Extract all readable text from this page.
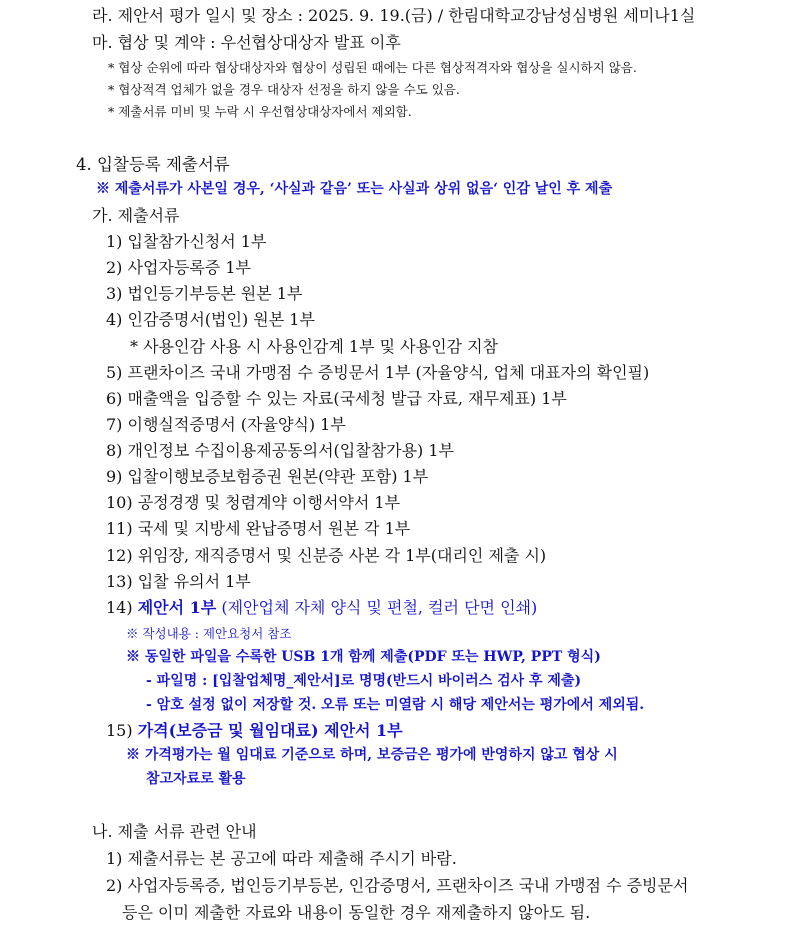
라. 제안서 평가 일시 및 장소 : 2025. 9. 19.(금) / 한림대학교강남성심병원 세미나1실
마. 협상 및 계약 : 우선협상대상자 발표 이후
* 협상 순위에 따라 협상대상자와 협상이 성립된 때에는 다른 협상적격자와 협상을 실시하지 않음.
* 협상적격 업체가 없을 경우 대상자 선정을 하지 않을 수도 있음.
* 제출서류 미비 및 누락 시 우선협상대상자에서 제외함.
4. 입찰등록 제출서류
※ 제출서류가 사본일 경우, ‘사실과 같음’ 또는 사실과 상위 없음‘ 인감 날인 후 제출
가. 제출서류
1) 입찰참가신청서 1부
2) 사업자등록증 1부
3) 법인등기부등본 원본 1부
4) 인감증명서(법인) 원본 1부
* 사용인감 사용 시 사용인감계 1부 및 사용인감 지참
5) 프랜차이즈 국내 가맹점 수 증빙문서 1부 (자율양식, 업체 대표자의 확인필)
6) 매출액을 입증할 수 있는 자료(국세청 발급 자료, 재무제표) 1부
7) 이행실적증명서 (자율양식) 1부
8) 개인정보 수집이용제공동의서(입찰참가용) 1부
9) 입찰이행보증보험증권 원본(약관 포함) 1부
10) 공정경쟁 및 청렴계약 이행서약서 1부
11) 국세 및 지방세 완납증명서 원본 각 1부
12) 위임장, 재직증명서 및 신분증 사본 각 1부(대리인 제출 시)
13) 입찰 유의서 1부
14) 제안서 1부 (제안업체 자체 양식 및 편철, 컬러 단면 인쇄)
※ 작성내용 : 제안요청서 참조
※ 동일한 파일을 수록한 USB 1개 함께 제출(PDF 또는 HWP, PPT 형식)
- 파일명 : [입찰업체명_제안서]로 명명(반드시 바이러스 검사 후 제출)
- 암호 설정 없이 저장할 것. 오류 또는 미열람 시 해당 제안서는 평가에서 제외됨.
15) 가격(보증금 및 월임대료) 제안서 1부
※ 가격평가는 월 임대료 기준으로 하며, 보증금은 평가에 반영하지 않고 협상 시
참고자료로 활용
나. 제출 서류 관련 안내
1) 제출서류는 본 공고에 따라 제출해 주시기 바람.
2) 사업자등록증, 법인등기부등본, 인감증명서, 프랜차이즈 국내 가맹점 수 증빙문서
등은 이미 제출한 자료와 내용이 동일한 경우 재제출하지 않아도 됨.
